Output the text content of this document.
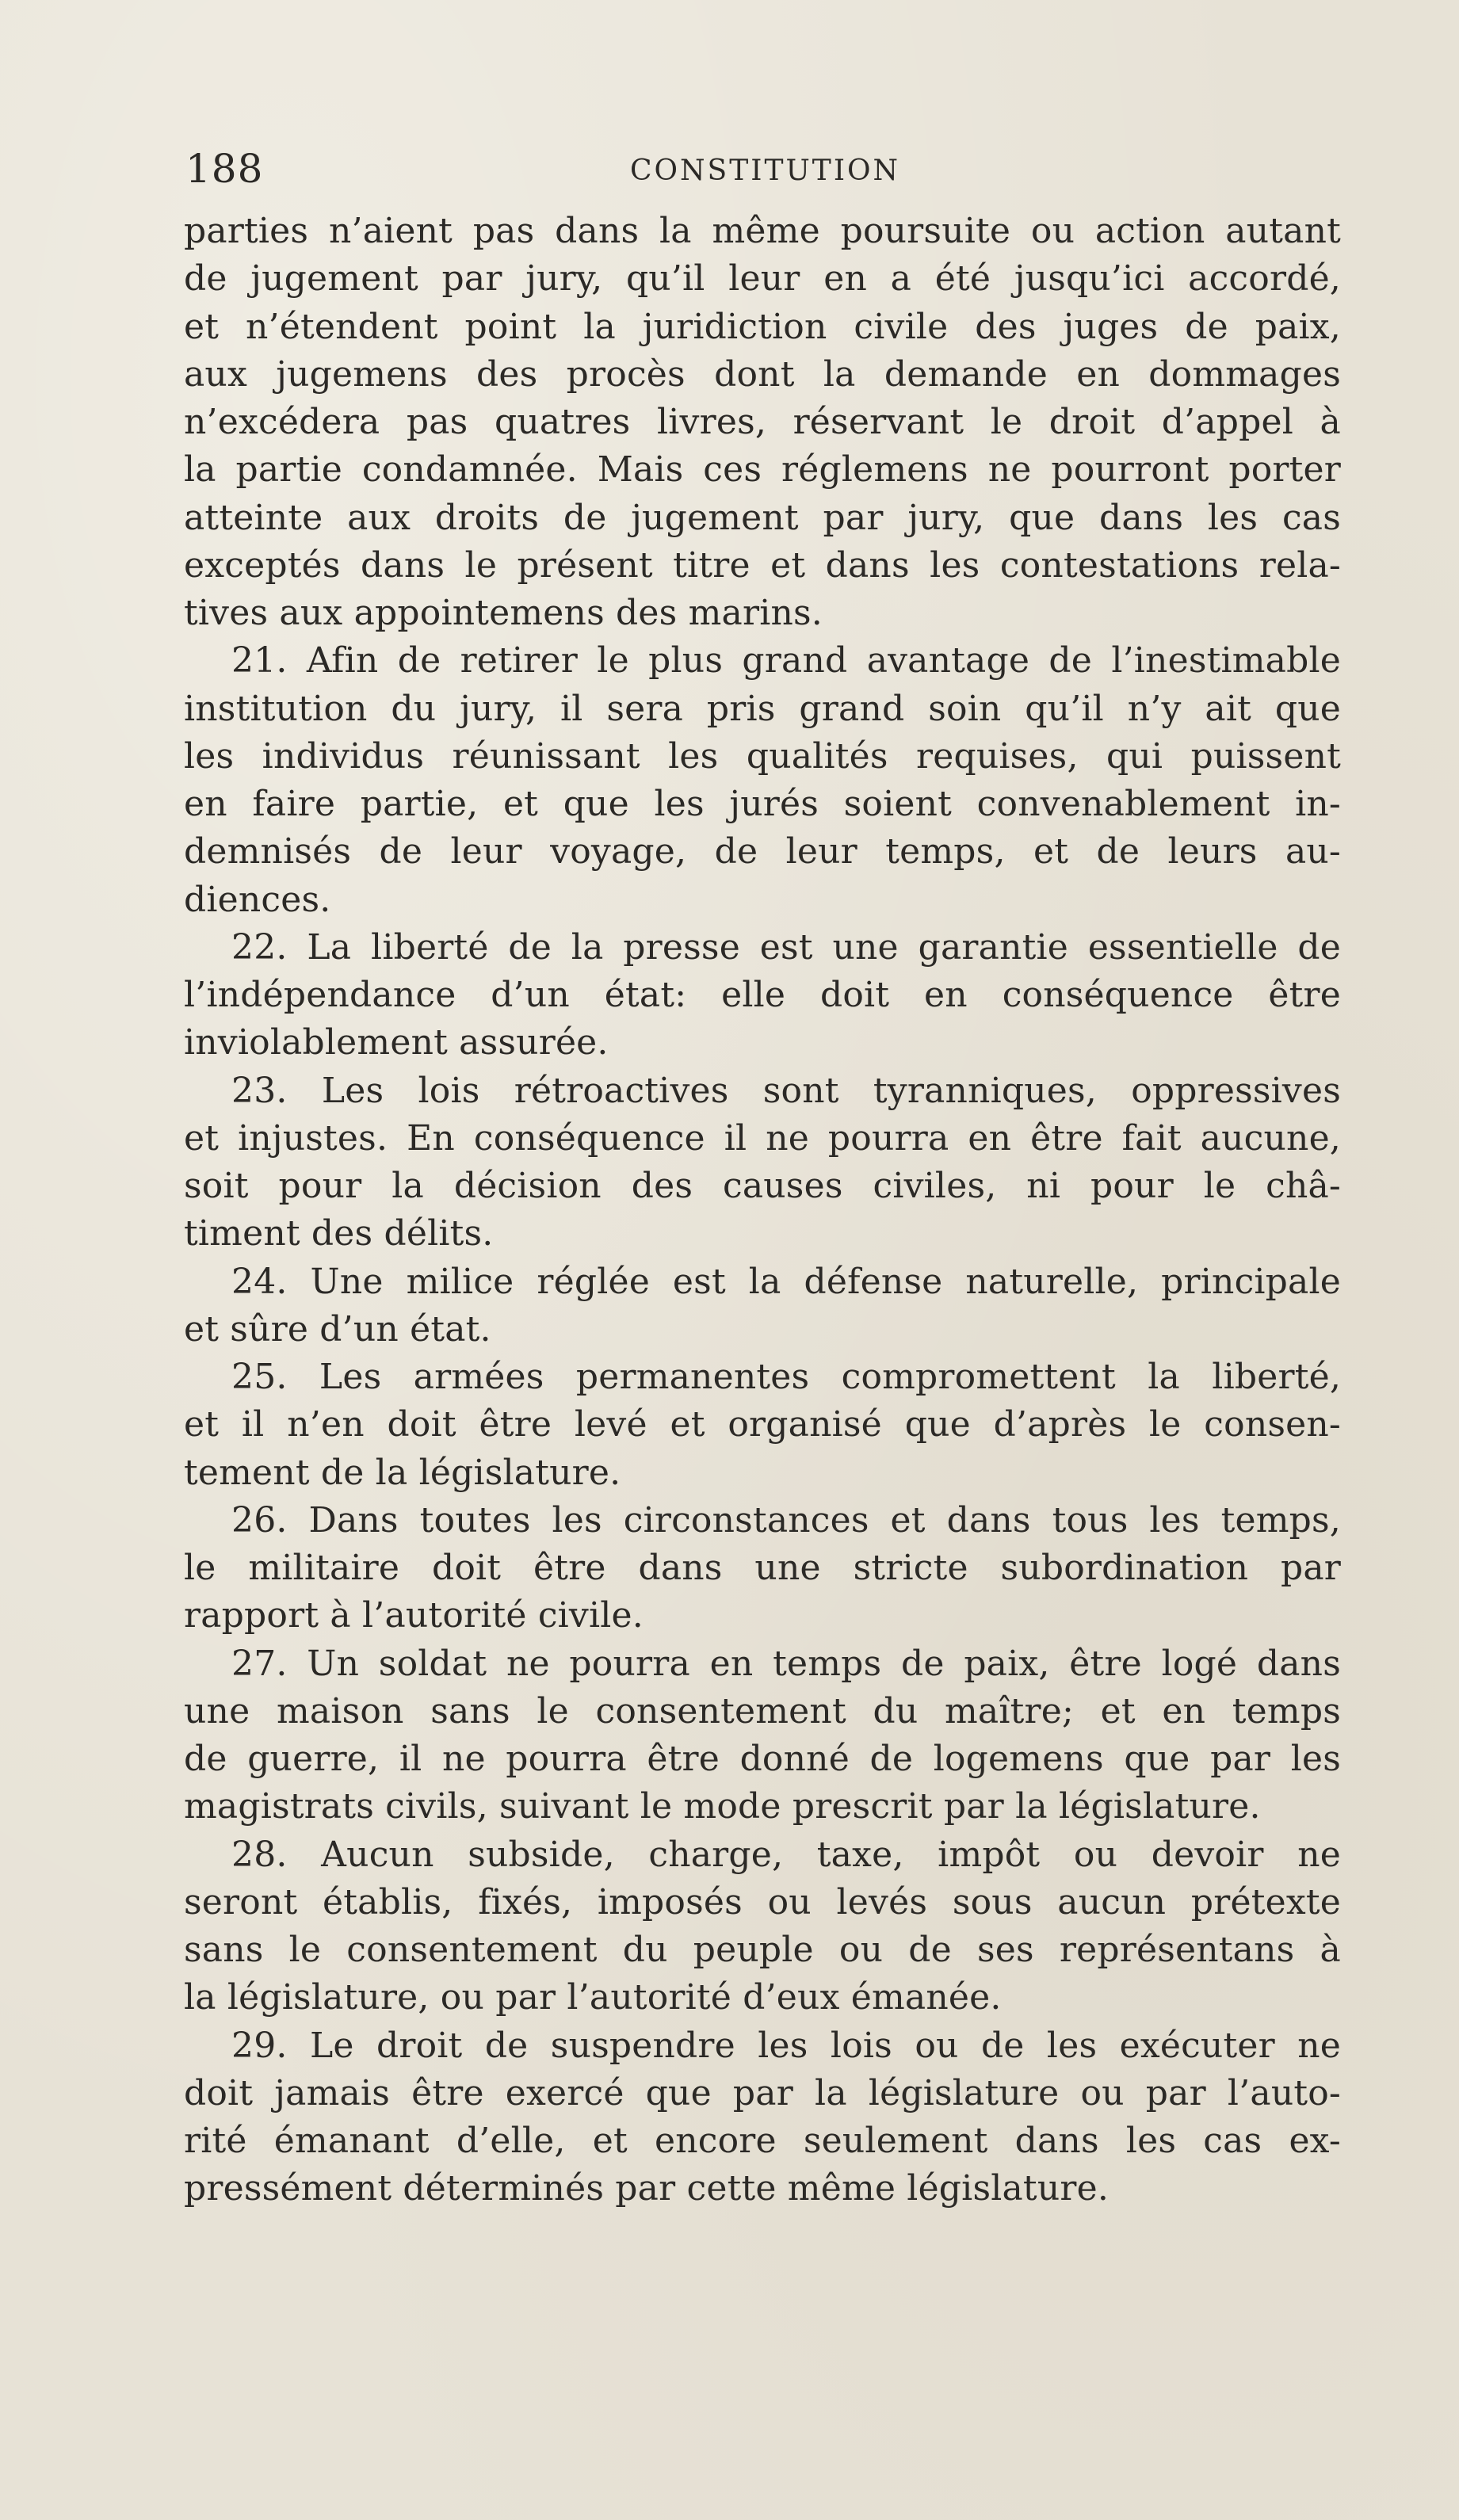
188	CONSTITUTION
parties n’aient pas dans la même poursuite ou action autant
de jugement par jury, qu’il leur en a été jusqu’ici accordé,
et n’étendent point la juridiction civile des juges de paix,
aux jugemens des procès dont la demande en dommages
n’excédera pas quatres livres, réservant le droit d’appel à
la partie condamnée. Mais ces réglemens ne pourront porter
atteinte aux droits de jugement par jury, que dans les cas
exceptés dans le présent titre et dans les contestations rela-
tives aux appointemens des marins.
21. Afin de retirer le plus grand avantage de l’inestimable
institution du jury, il sera pris grand soin qu’il n’y ait que
les individus réunissant les qualités requises, qui puissent
en faire partie, et que les jurés soient convenablement in-
demnisés de leur voyage, de leur temps, et de leurs au-
diences.
22. La liberté de la presse est une garantie essentielle de
l’indépendance d’un état: elle doit en conséquence être
inviolablement assurée.
23. Les lois rétroactives sont tyranniques, oppressives
et injustes. En conséquence il ne pourra en être fait aucune,
soit pour la décision des causes civiles, ni pour le châ-
timent des délits.
24. Une milice réglée est la défense naturelle, principale
et sûre d’un état.
25. Les armées permanentes compromettent la liberté,
et il n’en doit être levé et organisé que d’après le consen-
tement de la législature.
26. Dans toutes les circonstances et dans tous les temps,
le militaire doit être dans une stricte subordination par
rapport à l’autorité civile.
27. Un soldat ne pourra en temps de paix, être logé dans
une maison sans le consentement du maître; et en temps
de guerre, il ne pourra être donné de logemens que par les
magistrats civils, suivant le mode prescrit par la législature.
28. Aucun subside, charge, taxe, impôt ou devoir ne
seront établis, fixés, imposés ou levés sous aucun prétexte
sans le consentement du peuple ou de ses représentans à
la législature, ou par l’autorité d’eux émanée.
29. Le droit de suspendre les lois ou de les exécuter ne
doit jamais être exercé que par la législature ou par l’auto-
rité émanant d’elle, et encore seulement dans les cas ex-
pressément déterminés par cette même législature.
